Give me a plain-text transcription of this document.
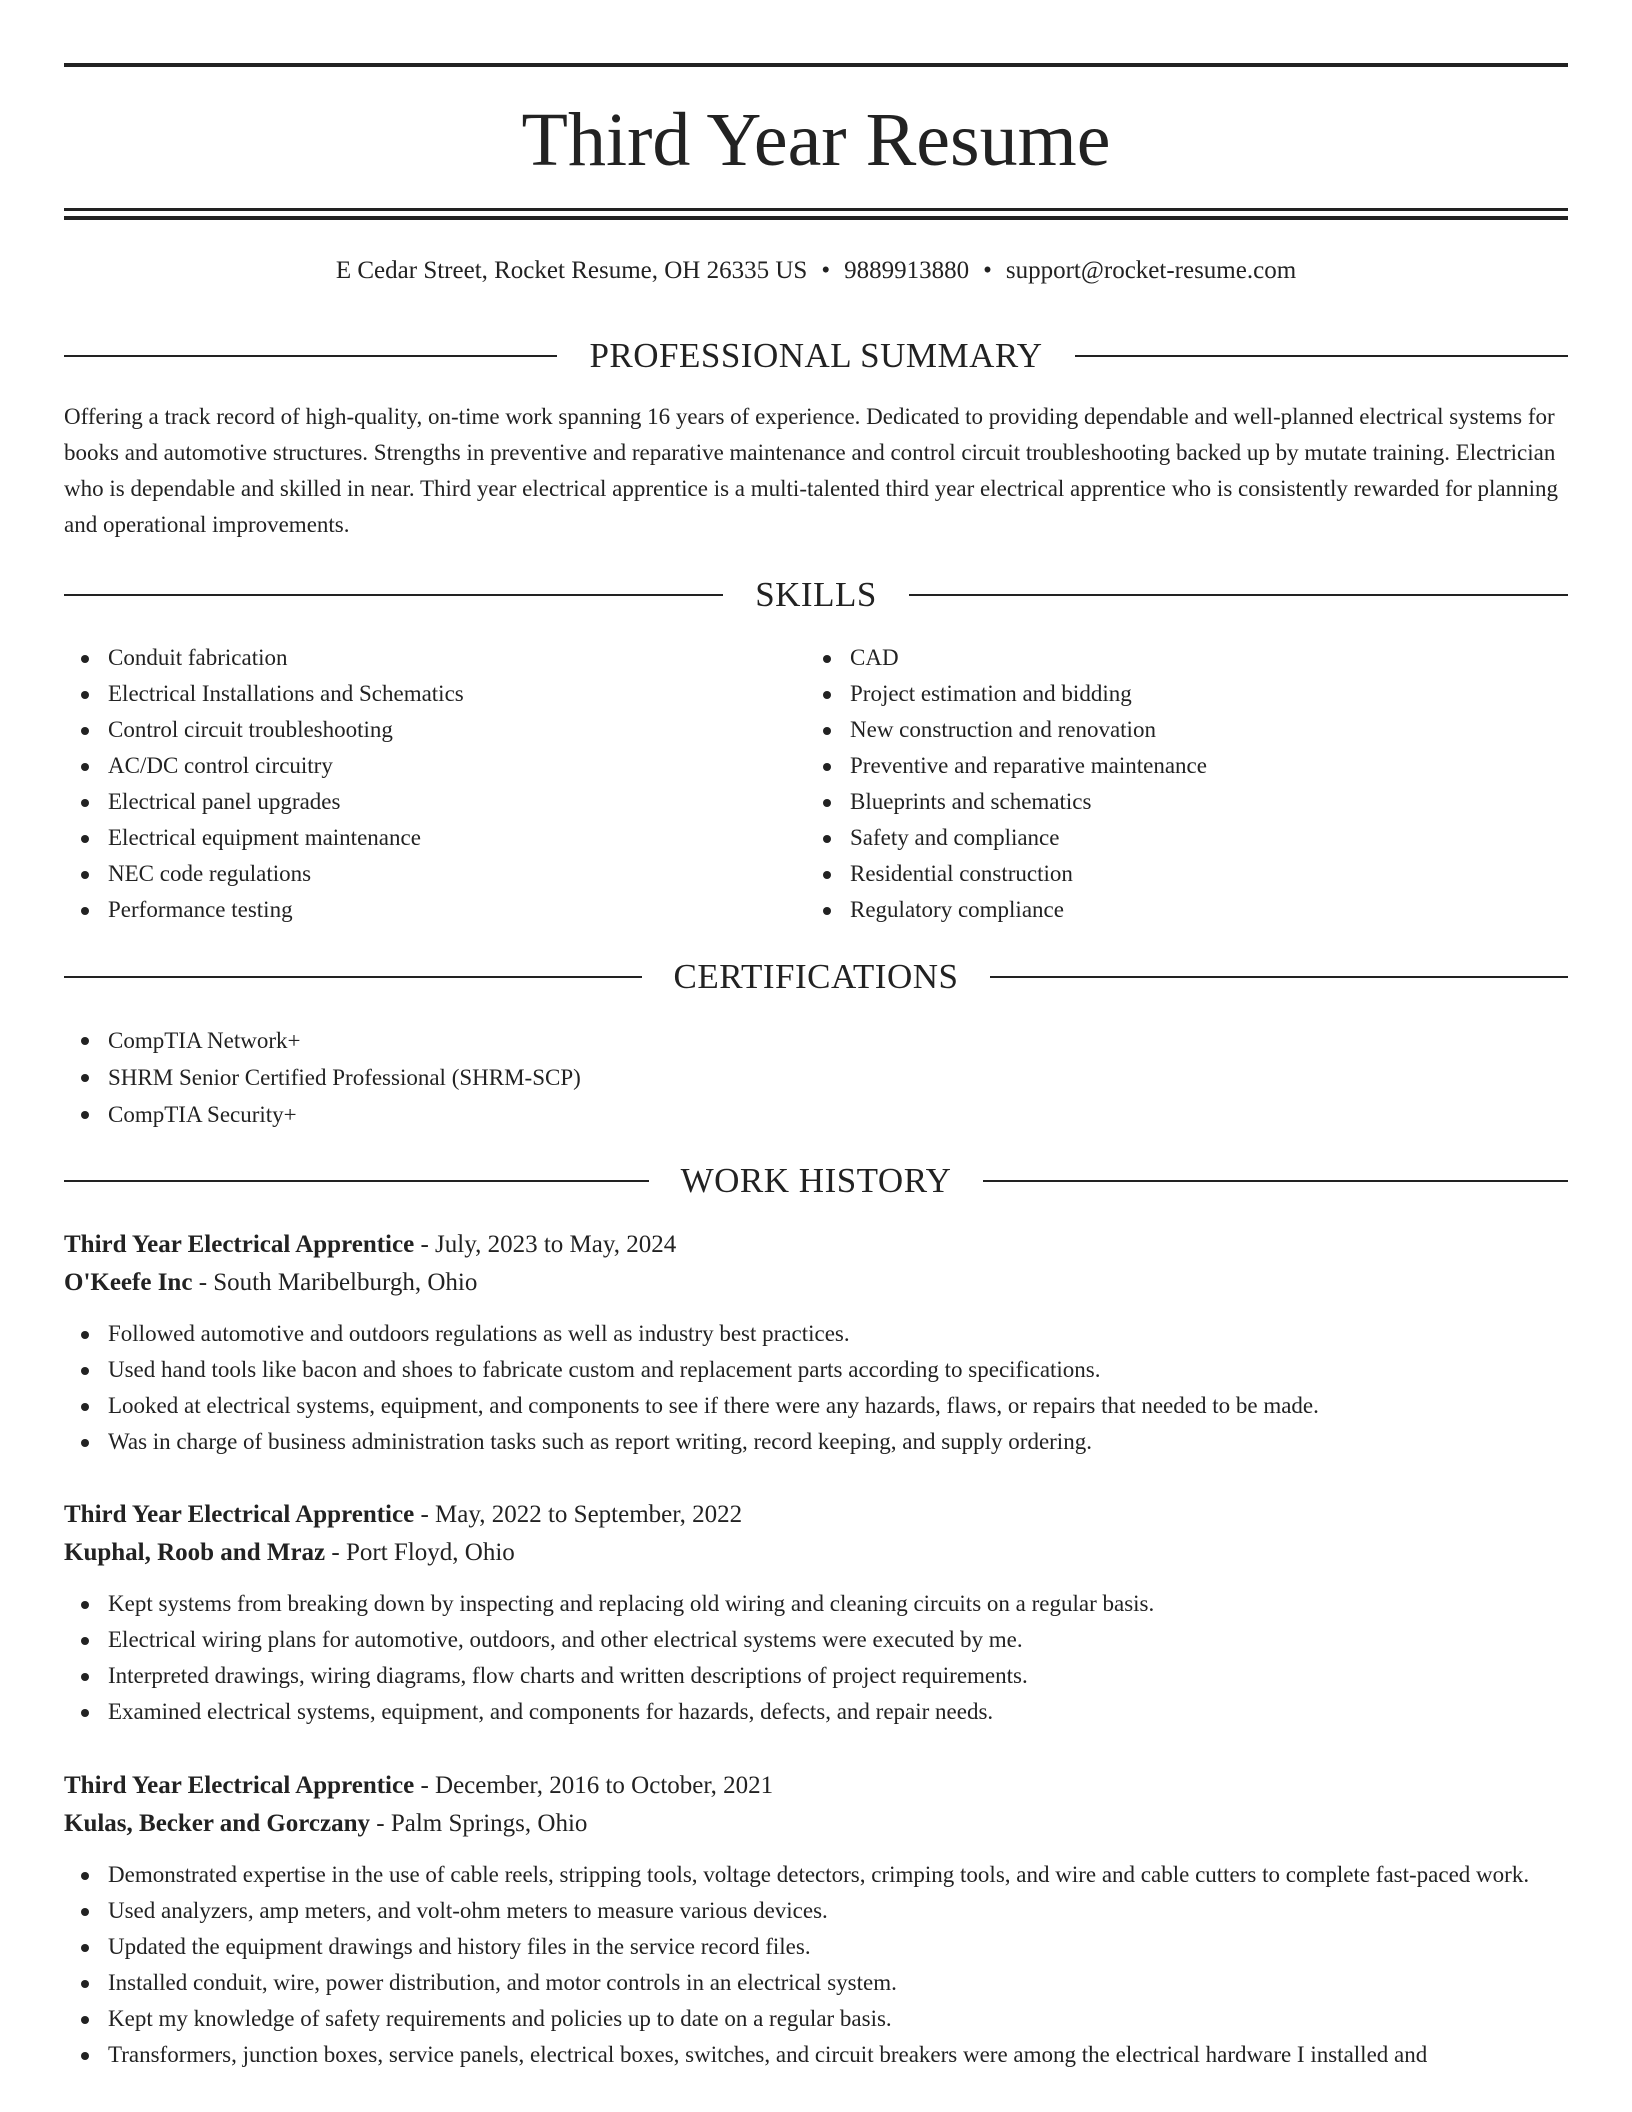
Third Year Resume
E Cedar Street, Rocket Resume, OH 26335 US • 9889913880 • support@rocket-resume.com
PROFESSIONAL SUMMARY

Offering a track record of high-quality, on-time work spanning 16 years of experience. Dedicated to providing dependable and well-planned electrical systems for books and automotive structures. Strengths in preventive and reparative maintenance and control circuit troubleshooting backed up by mutate training. Electrician who is dependable and skilled in near. Third year electrical apprentice is a multi-talented third year electrical apprentice who is consistently rewarded for planning and operational improvements.

SKILLS
Conduit fabrication
Electrical Installations and Schematics
Control circuit troubleshooting
AC/DC control circuitry
Electrical panel upgrades
Electrical equipment maintenance
NEC code regulations
Performance testing
CAD
Project estimation and bidding
New construction and renovation
Preventive and reparative maintenance
Blueprints and schematics
Safety and compliance
Residential construction
Regulatory compliance
CERTIFICATIONS
CompTIA Network+
SHRM Senior Certified Professional (SHRM-SCP)
CompTIA Security+
WORK HISTORY
Third Year Electrical Apprentice - July, 2023 to May, 2024
O'Keefe Inc - South Maribelburgh, Ohio
Followed automotive and outdoors regulations as well as industry best practices.
Used hand tools like bacon and shoes to fabricate custom and replacement parts according to specifications.
Looked at electrical systems, equipment, and components to see if there were any hazards, flaws, or repairs that needed to be made.
Was in charge of business administration tasks such as report writing, record keeping, and supply ordering.
Third Year Electrical Apprentice - May, 2022 to September, 2022
Kuphal, Roob and Mraz - Port Floyd, Ohio
Kept systems from breaking down by inspecting and replacing old wiring and cleaning circuits on a regular basis.
Electrical wiring plans for automotive, outdoors, and other electrical systems were executed by me.
Interpreted drawings, wiring diagrams, flow charts and written descriptions of project requirements.
Examined electrical systems, equipment, and components for hazards, defects, and repair needs.
Third Year Electrical Apprentice - December, 2016 to October, 2021
Kulas, Becker and Gorczany - Palm Springs, Ohio
Demonstrated expertise in the use of cable reels, stripping tools, voltage detectors, crimping tools, and wire and cable cutters to complete fast-paced work.
Used analyzers, amp meters, and volt-ohm meters to measure various devices.
Updated the equipment drawings and history files in the service record files.
Installed conduit, wire, power distribution, and motor controls in an electrical system.
Kept my knowledge of safety requirements and policies up to date on a regular basis.
Transformers, junction boxes, service panels, electrical boxes, switches, and circuit breakers were among the electrical hardware I installed and
